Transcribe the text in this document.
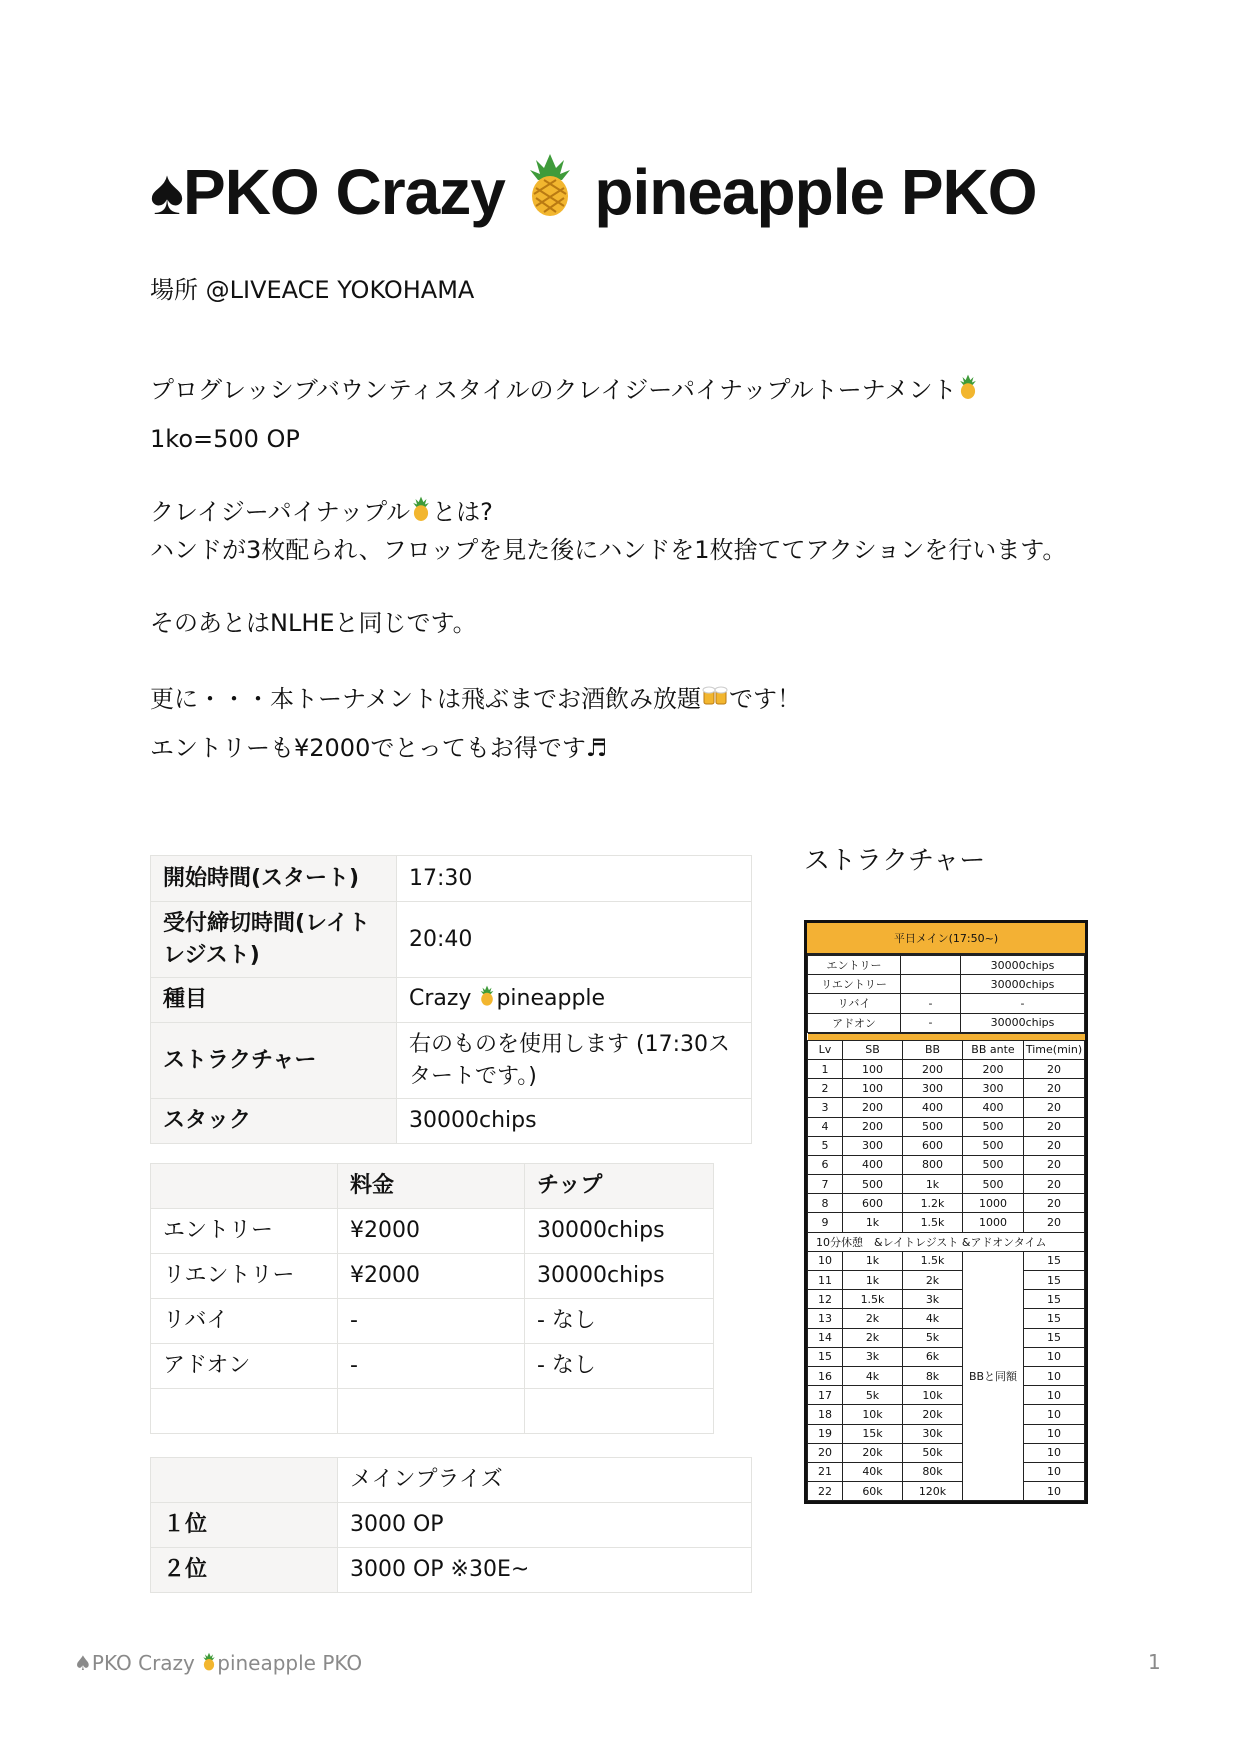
♠PKO Crazy  pineapple PKO
場所 @LIVEACE YOKOHAMA
プログレッシブバウンティスタイルのクレイジーパイナップルトーナメント
1ko=500 OP
クレイジーパイナップル とは?
ハンドが3枚配られ、フロップを見た後にハンドを1枚捨ててアクションを行います。
そのあとはNLHEと同じです。
更に・・・本トーナメントは飛ぶまでお酒飲み放題 です！
エントリーも¥2000でとってもお得です♬
ストラクチャー
開始時間(スタート)	17:30
受付締切時間(レイトレジスト)	20:40
種目	Crazy pineapple
ストラクチャー	右のものを使用します (17:30スタートです。)
スタック	30000chips
	料金	チップ
エントリー	¥2000	30000chips
リエントリー	¥2000	30000chips
リバイ	-	- なし
アドオン	-	- なし

	メインプライズ
１位	3000 OP
２位	3000 OP ※30E~
平日メイン(17:50~)
エントリー		30000chips
リエントリー		30000chips
リバイ	-	-
アドオン	-	30000chips

Lv	SB	BB	BB ante	Time(min)
1	100	200	200	20
2	100	300	300	20
3	200	400	400	20
4	200	500	500	20
5	300	600	500	20
6	400	800	500	20
7	500	1k	500	20
8	600	1.2k	1000	20
9	1k	1.5k	1000	20
10分休憩　&レイトレジスト &アドオンタイム				
10	1k	1.5k	BBと同額	15
11	1k	2k		15
12	1.5k	3k		15
13	2k	4k		15
14	2k	5k		15
15	3k	6k		10
16	4k	8k		10
17	5k	10k		10
18	10k	20k		10
19	15k	30k		10
20	20k	50k		10
21	40k	80k		10
22	60k	120k		10
♠PKO Crazy pineapple PKO	1
